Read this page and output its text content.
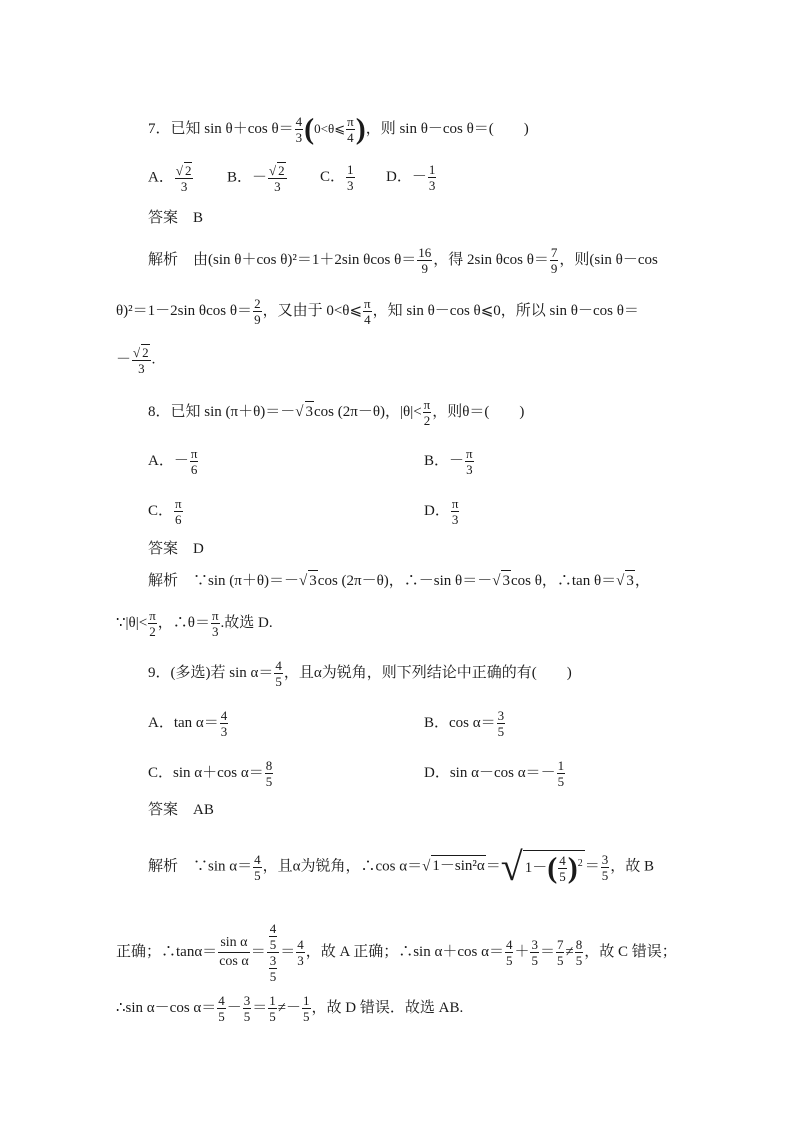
7．已知 sin θ＋cos $\theta= \frac{4}{3}$ (0<θ⩽ $\frac{\pi}{4}$ )，则 sin θ－cos θ＝(　　)
A． $\frac{√ 2}{3}$ B．－ $\frac{√ 2}{3}$ C． $\frac{1}{3}$ D．－ $\frac{1}{3}$
答案　 B
解析　 由(sin θ＋cos θ)²＝1＋2sin θcos $\theta= \frac{16}{9}$ ，得 2sin θcos $\theta= \frac{7}{9}$ ，则(sin θ－cos
θ)²＝1－2sin θcos $\theta= \frac{2}{9}$ ，又由于 0<θ⩽ $\frac{\pi}{4}$ ，知 sin θ－cos θ⩽0，所以 sin θ－cos θ＝
－ $\frac{√ 2}{3}$ .
8．已知 sin (π＋θ)＝－√ 3cos (2π－θ)，$|\theta|< \frac{\pi}{2}$ ，则θ＝(　　)
A．－ $\frac{\pi}{6}$	B．－ $\frac{\pi}{3}$
C． $\frac{\pi}{6}$	D． $\frac{\pi}{3}$
答案　 D
解析　 ∵sin (π＋θ)＝－√ 3cos (2π－θ)，∴－sin θ＝－√ 3cos θ，∴tan θ＝√ 3，
∵|θ|< $\frac{\pi}{2}$ ，∴θ＝ $\frac{\pi}{3}$ .故选 D.
9．(多选)若 $\sin \alpha= \frac{4}{5}$ ，且α为锐角，则下列结论中正确的有(　　)
A．$\tan \alpha= \frac{4}{3}$	B．$\cos \alpha= \frac{3}{5}$
C．sin α＋cos $\alpha= \frac{8}{5}$	D．sin α－cos $\alpha=- \frac{1}{5}$
答案　 AB
解析　 ∵sin $\alpha= \frac{4}{5}$ ，且α为锐角，∴cos α＝√ 1－sin²α＝√ $1-( \frac{4}{5} )^2 = \frac{3}{5}$ ，故 B
正确；∴tanα＝ $\frac{\text{sin α}}{\text{cos α}} = \frac{\frac{4}{5}}{\frac{3}{5}} = \frac{4}{3}$ ，故 A 正确；∴sin α＋cos $\alpha= \frac{4}{5} + \frac{3}{5} = \frac{7}{5} \ne \frac{8}{5}$ ，故 C 错误；
∴sin α－cos $\alpha= \frac{4}{5} - \frac{3}{5} = \frac{1}{5} \ne- \frac{1}{5}$ ，故 D 错误．故选 AB.
